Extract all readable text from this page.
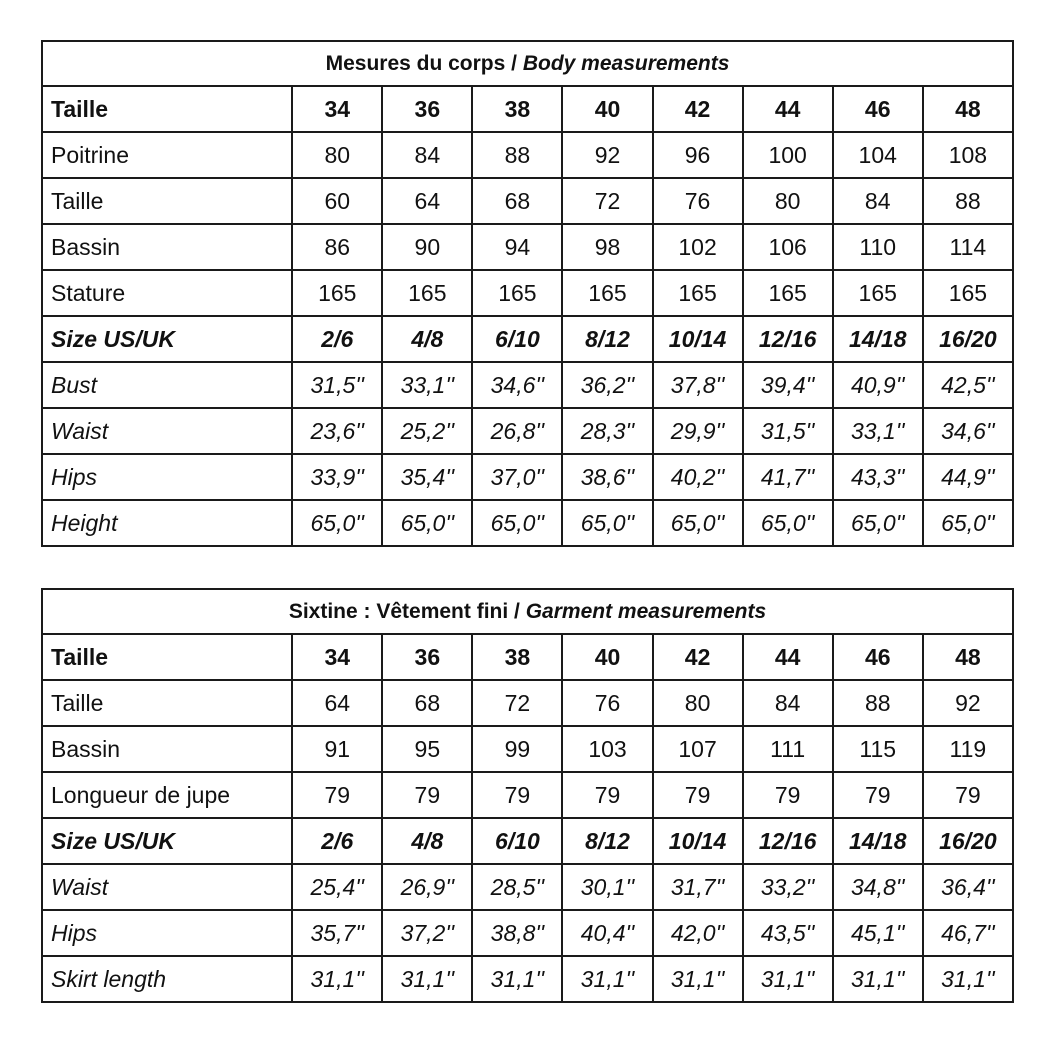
Mesures du corps / Body measurements								
Taille	34	36	38	40	42	44	46	48
Poitrine	80	84	88	92	96	100	104	108
Taille	60	64	68	72	76	80	84	88
Bassin	86	90	94	98	102	106	110	114
Stature	165	165	165	165	165	165	165	165
Size US/UK	2/6	4/8	6/10	8/12	10/14	12/16	14/18	16/20
Bust	31,5''	33,1''	34,6''	36,2''	37,8''	39,4''	40,9''	42,5''
Waist	23,6''	25,2''	26,8''	28,3''	29,9''	31,5''	33,1''	34,6''
Hips	33,9''	35,4''	37,0''	38,6''	40,2''	41,7''	43,3''	44,9''
Height	65,0''	65,0''	65,0''	65,0''	65,0''	65,0''	65,0''	65,0''
Sixtine : Vêtement fini / Garment measurements								
Taille	34	36	38	40	42	44	46	48
Taille	64	68	72	76	80	84	88	92
Bassin	91	95	99	103	107	111	115	119
Longueur de jupe	79	79	79	79	79	79	79	79
Size US/UK	2/6	4/8	6/10	8/12	10/14	12/16	14/18	16/20
Waist	25,4''	26,9''	28,5''	30,1''	31,7''	33,2''	34,8''	36,4''
Hips	35,7''	37,2''	38,8''	40,4''	42,0''	43,5''	45,1''	46,7''
Skirt length	31,1''	31,1''	31,1''	31,1''	31,1''	31,1''	31,1''	31,1''
